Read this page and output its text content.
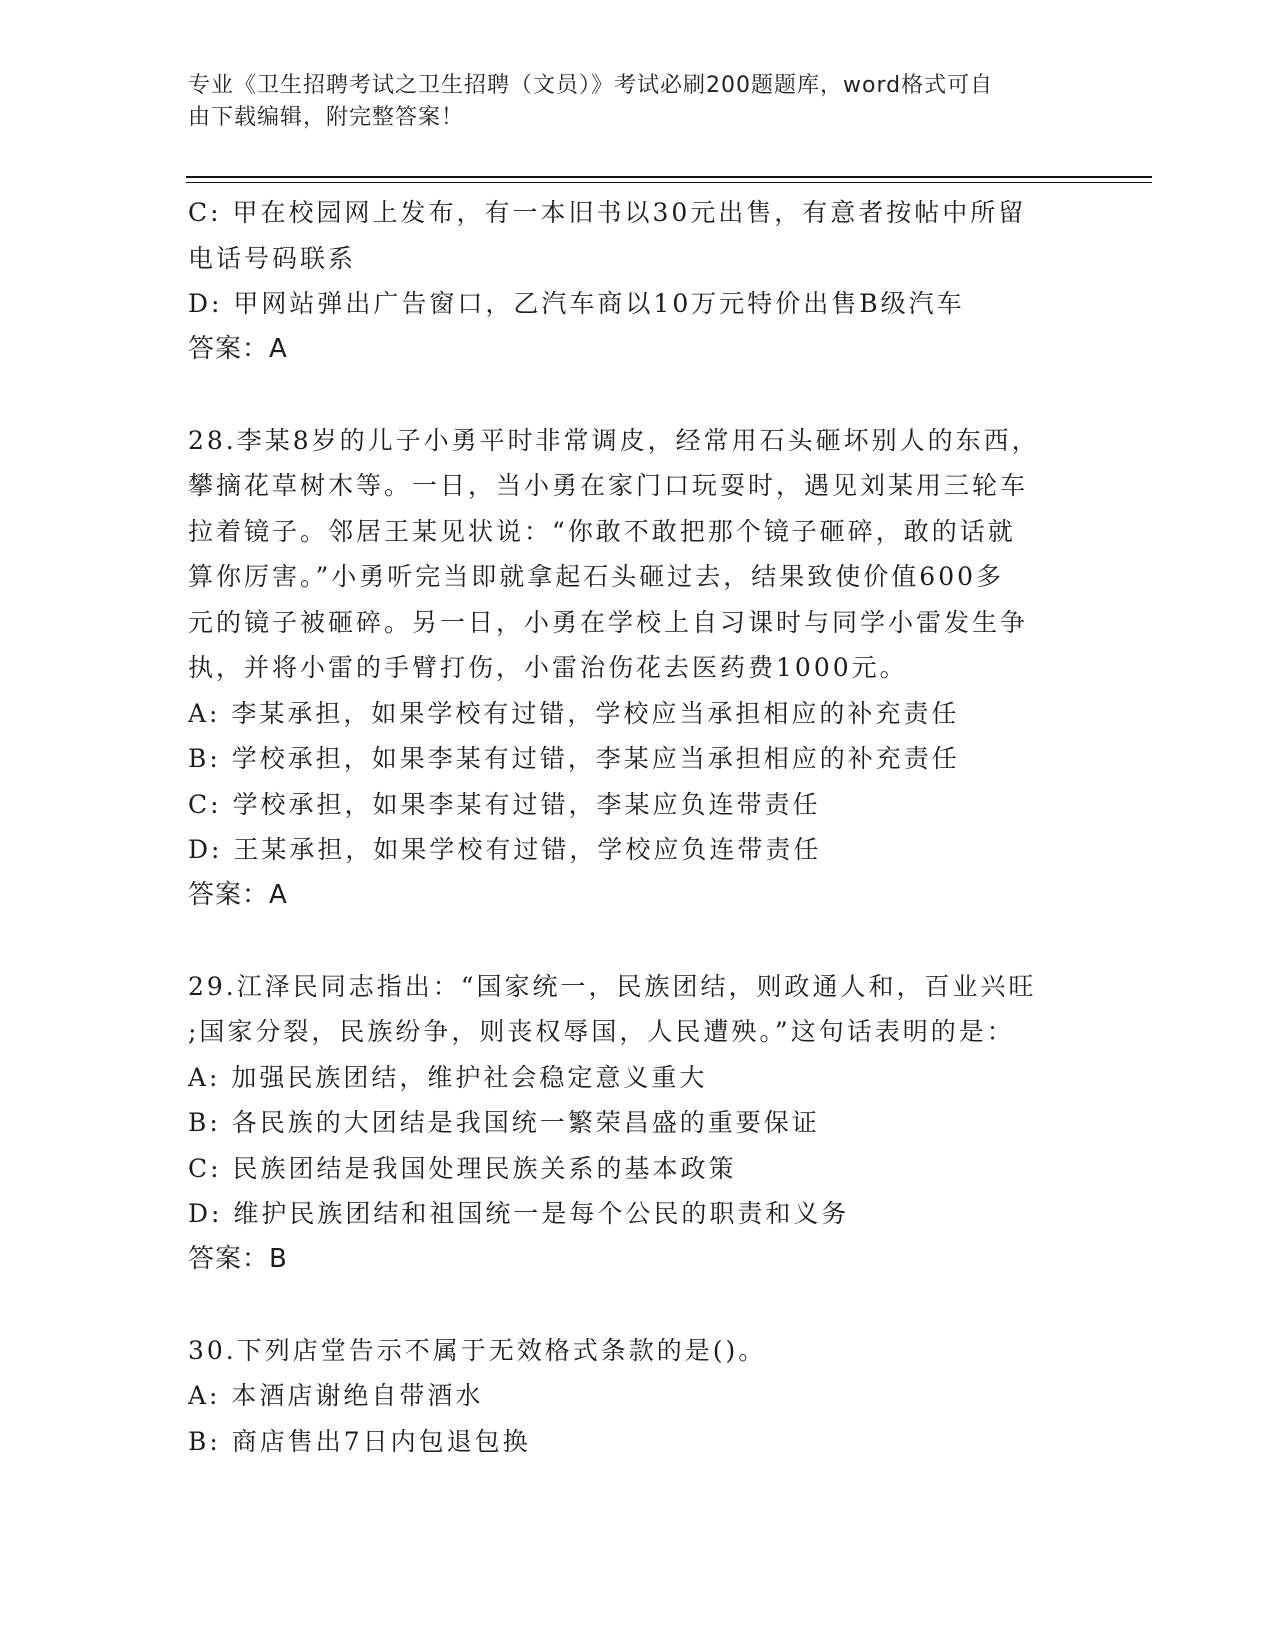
专业《卫生招聘考试之卫生招聘（文员）》考试必刷200题题库，word格式可自
由下载编辑，附完整答案！
C: 甲在校园网上发布，有一本旧书以30元出售，有意者按帖中所留
电话号码联系
D: 甲网站弹出广告窗口，乙汽车商以10万元特价出售B级汽车
答案：A
28.李某8岁的儿子小勇平时非常调皮，经常用石头砸坏别人的东西，
攀摘花草树木等。一日，当小勇在家门口玩耍时，遇见刘某用三轮车
拉着镜子。邻居王某见状说：“你敢不敢把那个镜子砸碎，敢的话就
算你厉害。”小勇听完当即就拿起石头砸过去，结果致使价值600多
元的镜子被砸碎。另一日，小勇在学校上自习课时与同学小雷发生争
执，并将小雷的手臂打伤，小雷治伤花去医药费1000元。
A: 李某承担，如果学校有过错，学校应当承担相应的补充责任
B: 学校承担，如果李某有过错，李某应当承担相应的补充责任
C: 学校承担，如果李某有过错，李某应负连带责任
D: 王某承担，如果学校有过错，学校应负连带责任
答案：A
29.江泽民同志指出：“国家统一，民族团结，则政通人和，百业兴旺
;国家分裂，民族纷争，则丧权辱国，人民遭殃。”这句话表明的是：
A: 加强民族团结，维护社会稳定意义重大
B: 各民族的大团结是我国统一繁荣昌盛的重要保证
C: 民族团结是我国处理民族关系的基本政策
D: 维护民族团结和祖国统一是每个公民的职责和义务
答案：B
30.下列店堂告示不属于无效格式条款的是()。
A: 本酒店谢绝自带酒水
B: 商店售出7日内包退包换
